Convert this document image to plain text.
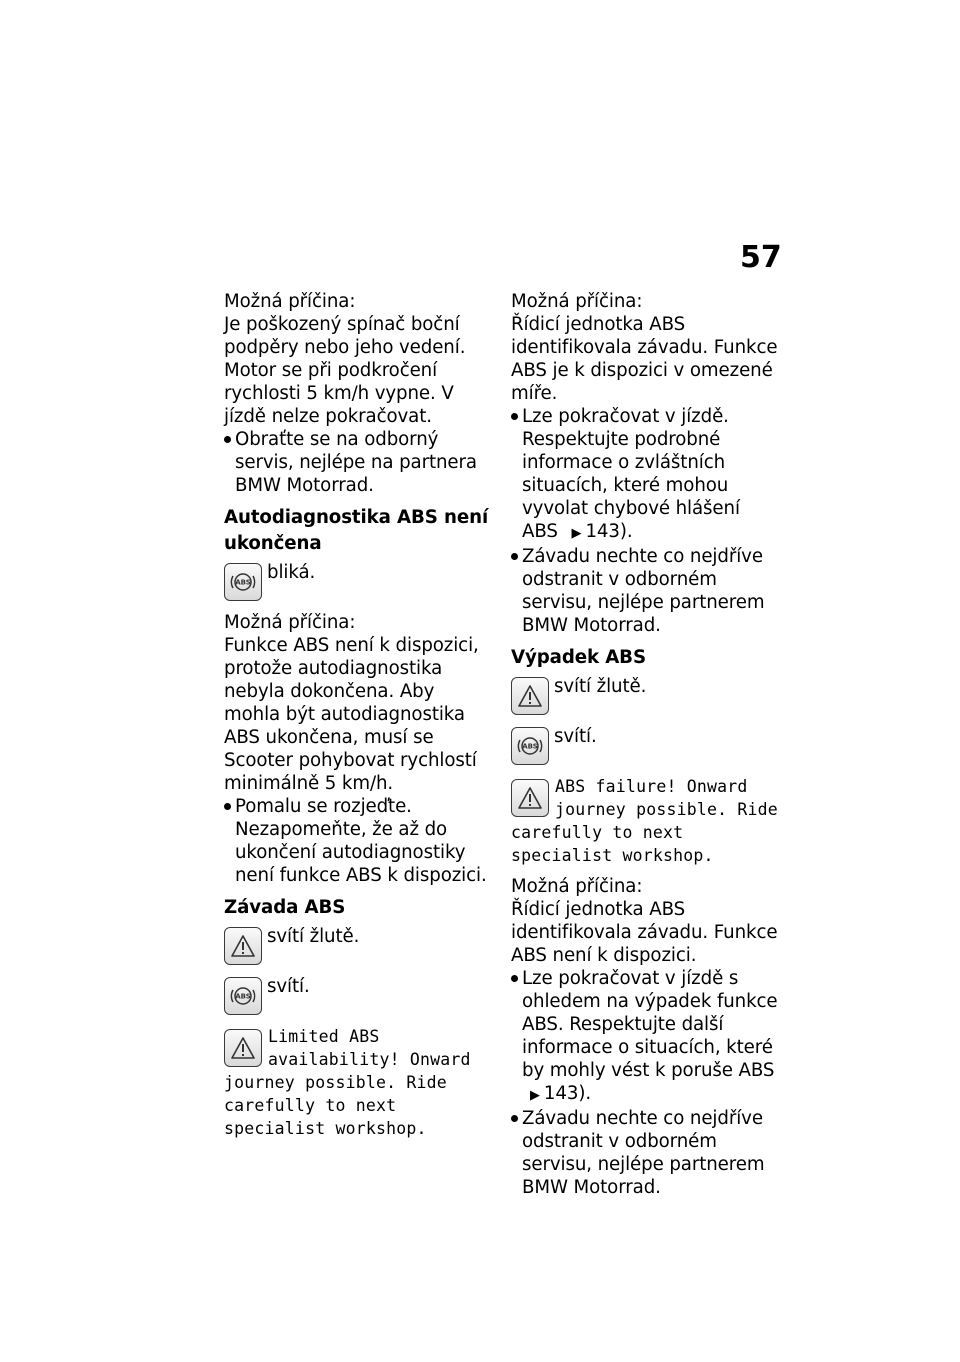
57

Možná příčina:

Je poškozený spínač boční podpěry nebo jeho vedení. Motor se při podkročení rychlosti 5 km/h vypne. V jízdě nelze pokračovat.

Obraťte se na odborný servis, nejlépe na partnera BMW Motorrad.

Autodiagnostika ABS není ukončena

ABS bliká.

Možná příčina:

Funkce ABS není k dispozici, protože autodiagnostika nebyla dokončena. Aby mohla být autodiagnostika ABS ukončena, musí se Scooter pohybovat rychlostí minimálně 5 km/h.

Pomalu se rozjeďte. Nezapomeňte, že až do ukončení autodiagnostiky není funkce ABS k dispozici.

Závada ABS

svítí žlutě.
ABS svítí.
Limited ABS availability! Onward journey possible. Ride carefully to next specialist workshop.

Možná příčina:

Řídicí jednotka ABS identifikovala závadu. Funkce ABS je k dispozici v omezené míře.

Lze pokračovat v jízdě. Respektujte podrobné informace o zvláštních situacích, které mohou vyvolat chybové hlášení ABS ▶ 143).
Závadu nechte co nejdříve odstranit v odborném servisu, nejlépe partnerem BMW Motorrad.

Výpadek ABS

svítí žlutě.
ABS svítí.
ABS failure! Onward journey possible. Ride carefully to next specialist workshop.

Možná příčina:

Řídicí jednotka ABS identifikovala závadu. Funkce ABS není k dispozici.

Lze pokračovat v jízdě s ohledem na výpadek funkce ABS. Respektujte další informace o situacích, které by mohly vést k poruše ABS ▶ 143).
Závadu nechte co nejdříve odstranit v odborném servisu, nejlépe partnerem BMW Motorrad.
